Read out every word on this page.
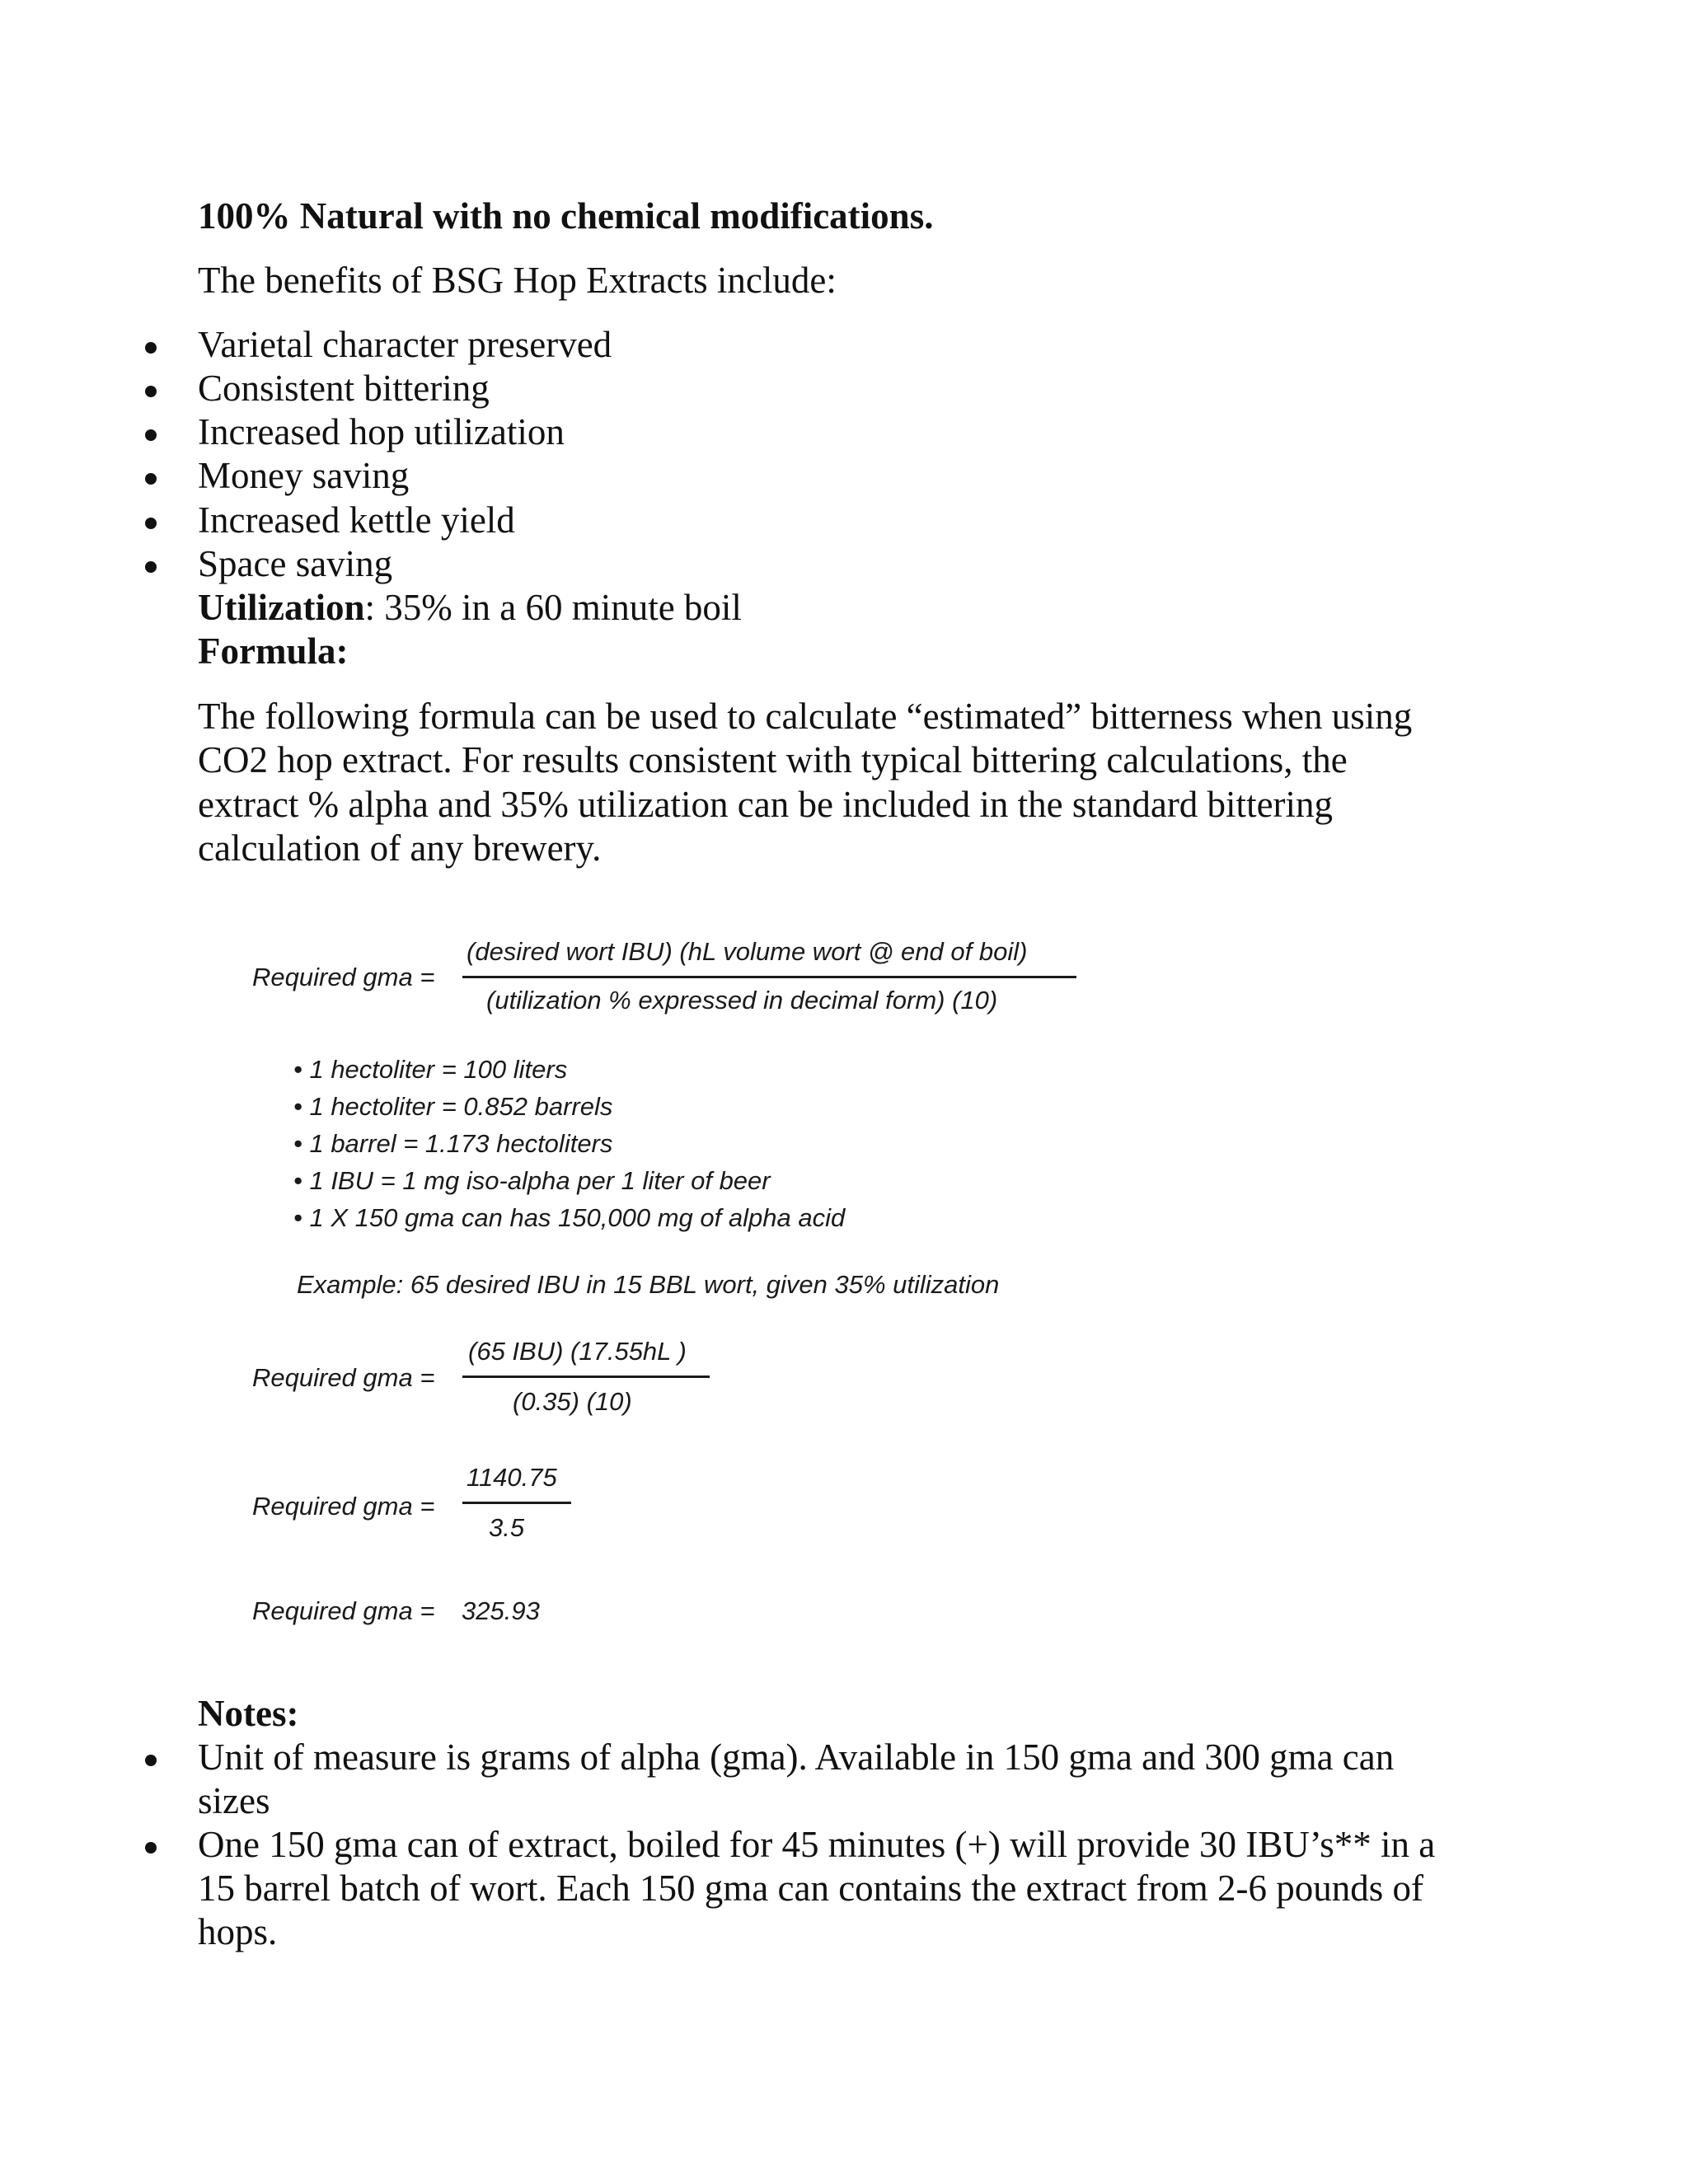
100% Natural with no chemical modifications.
The benefits of BSG Hop Extracts include:
Varietal character preserved
Consistent bittering
Increased hop utilization
Money saving
Increased kettle yield
Space saving
Utilization: 35% in a 60 minute boil
Formula:
The following formula can be used to calculate “estimated” bitterness when using
CO2 hop extract. For results consistent with typical bittering calculations, the
extract % alpha and 35% utilization can be included in the standard bittering
calculation of any brewery.
Required gma =
(desired wort IBU) (hL volume wort @ end of boil)
(utilization % expressed in decimal form) (10)
• 1 hectoliter = 100 liters
• 1 hectoliter = 0.852 barrels
• 1 barrel = 1.173 hectoliters
• 1 IBU = 1 mg iso-alpha per 1 liter of beer
• 1 X 150 gma can has 150,000 mg of alpha acid
Example: 65 desired IBU in 15 BBL wort, given 35% utilization
Required gma =
(65 IBU) (17.55hL )
(0.35) (10)
Required gma =
1140.75
3.5
Required gma = 325.93
Notes:
Unit of measure is grams of alpha (gma). Available in 150 gma and 300 gma can
sizes
One 150 gma can of extract, boiled for 45 minutes (+) will provide 30 IBU’s** in a
15 barrel batch of wort. Each 150 gma can contains the extract from 2-6 pounds of
hops.
